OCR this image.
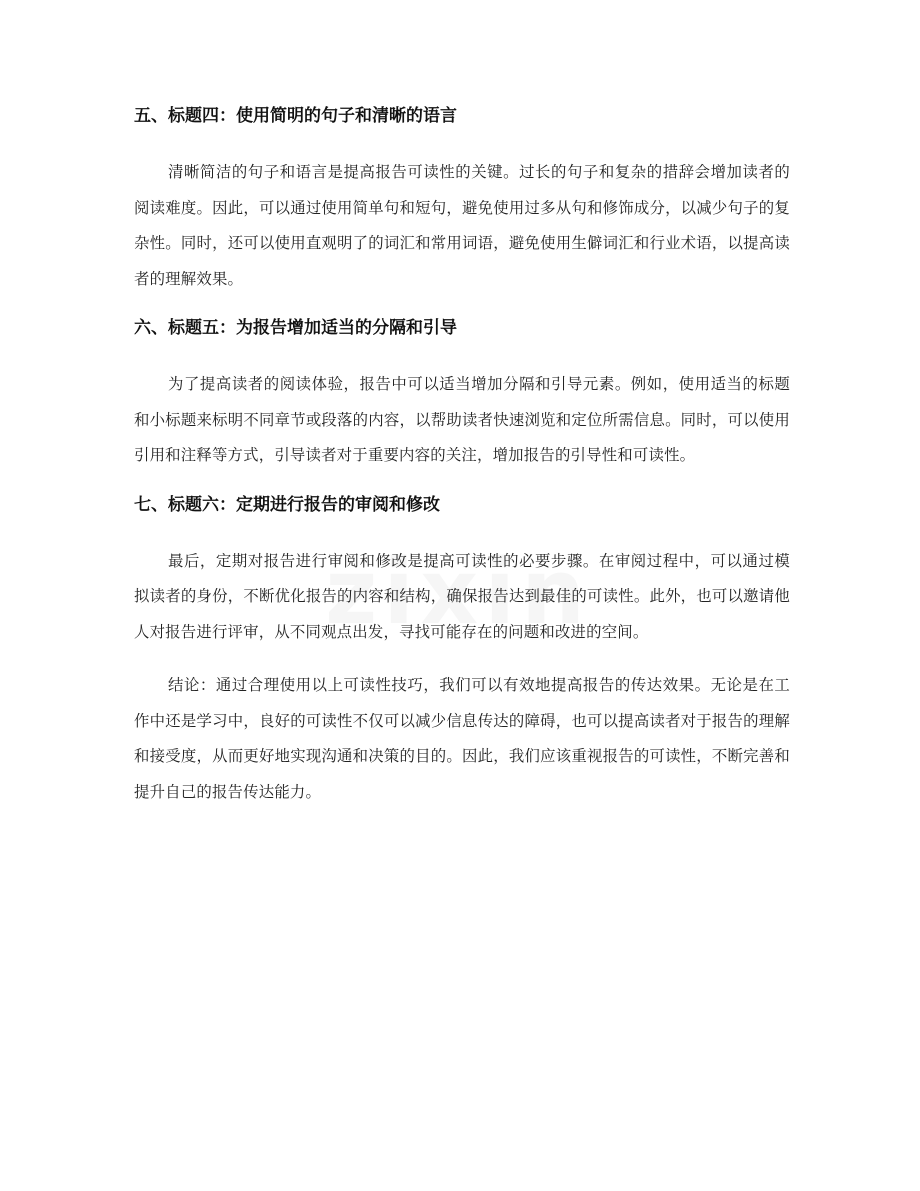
五、标题四：使用简明的句子和清晰的语言

清晰简洁的句子和语言是提高报告可读性的关键。过长的句子和复杂的措辞会增加读者的阅读难度。因此，可以通过使用简单句和短句，避免使用过多从句和修饰成分，以减少句子的复杂性。同时，还可以使用直观明了的词汇和常用词语，避免使用生僻词汇和行业术语，以提高读者的理解效果。

六、标题五：为报告增加适当的分隔和引导

为了提高读者的阅读体验，报告中可以适当增加分隔和引导元素。例如，使用适当的标题和小标题来标明不同章节或段落的内容，以帮助读者快速浏览和定位所需信息。同时，可以使用引用和注释等方式，引导读者对于重要内容的关注，增加报告的引导性和可读性。

七、标题六：定期进行报告的审阅和修改

最后，定期对报告进行审阅和修改是提高可读性的必要步骤。在审阅过程中，可以通过模拟读者的身份，不断优化报告的内容和结构，确保报告达到最佳的可读性。此外，也可以邀请他人对报告进行评审，从不同观点出发，寻找可能存在的问题和改进的空间。

结论：通过合理使用以上可读性技巧，我们可以有效地提高报告的传达效果。无论是在工作中还是学习中，良好的可读性不仅可以减少信息传达的障碍，也可以提高读者对于报告的理解和接受度，从而更好地实现沟通和决策的目的。因此，我们应该重视报告的可读性，不断完善和提升自己的报告传达能力。
